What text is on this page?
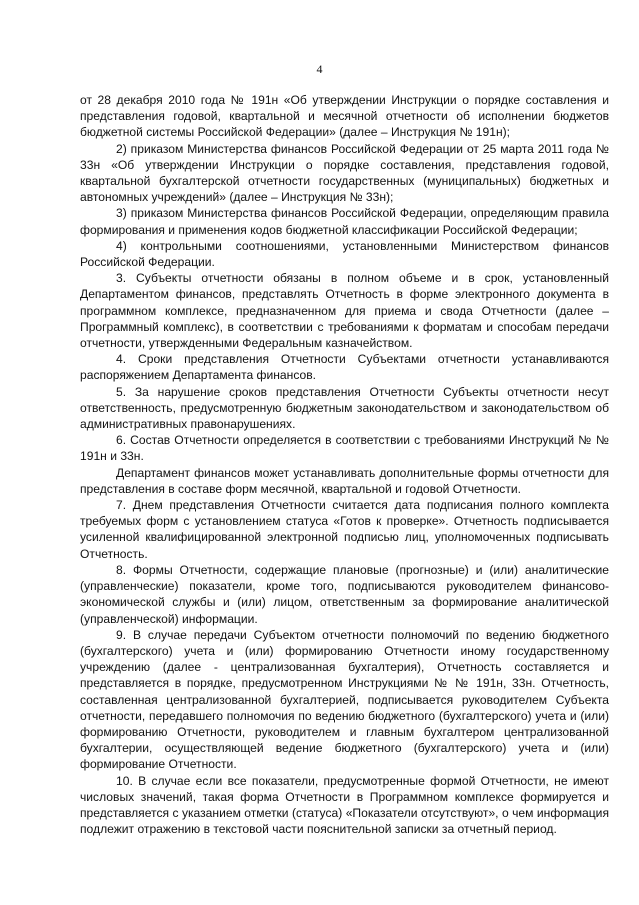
4

от 28 декабря 2010 года № 191н «Об утверждении Инструкции о порядке составления и представления годовой, квартальной и месячной отчетности об исполнении бюджетов бюджетной системы Российской Федерации» (далее – Инструкция № 191н);

2) приказом Министерства финансов Российской Федерации от 25 марта 2011 года № 33н «Об утверждении Инструкции о порядке составления, представления годовой, квартальной бухгалтерской отчетности государственных (муниципальных) бюджетных и автономных учреждений» (далее – Инструкция № 33н);

3) приказом Министерства финансов Российской Федерации, определяющим правила формирования и применения кодов бюджетной классификации Российской Федерации;

4) контрольными соотношениями, установленными Министерством финансов Российской Федерации.

3. Субъекты отчетности обязаны в полном объеме и в срок, установленный Департаментом финансов, представлять Отчетность в форме электронного документа в программном комплексе, предназначенном для приема и свода Отчетности (далее – Программный комплекс), в соответствии с требованиями к форматам и способам передачи отчетности, утвержденными Федеральным казначейством.

4. Сроки представления Отчетности Субъектами отчетности устанавливаются распоряжением Департамента финансов.

5. За нарушение сроков представления Отчетности Субъекты отчетности несут ответственность, предусмотренную бюджетным законодательством и законодательством об административных правонарушениях.

6. Состав Отчетности определяется в соответствии с требованиями Инструкций № № 191н и 33н.

Департамент финансов может устанавливать дополнительные формы отчетности для представления в составе форм месячной, квартальной и годовой Отчетности.

7. Днем представления Отчетности считается дата подписания полного комплекта требуемых форм с установлением статуса «Готов к проверке». Отчетность подписывается усиленной квалифицированной электронной подписью лиц, уполномоченных подписывать Отчетность.

8. Формы Отчетности, содержащие плановые (прогнозные) и (или) аналитические (управленческие) показатели, кроме того, подписываются руководителем финансово-экономической службы и (или) лицом, ответственным за формирование аналитической (управленческой) информации.

9. В случае передачи Субъектом отчетности полномочий по ведению бюджетного (бухгалтерского) учета и (или) формированию Отчетности иному государственному учреждению (далее - централизованная бухгалтерия), Отчетность составляется и представляется в порядке, предусмотренном Инструкциями № № 191н, 33н. Отчетность, составленная централизованной бухгалтерией, подписывается руководителем Субъекта отчетности, передавшего полномочия по ведению бюджетного (бухгалтерского) учета и (или) формированию Отчетности, руководителем и главным бухгалтером централизованной бухгалтерии, осуществляющей ведение бюджетного (бухгалтерского) учета и (или) формирование Отчетности.

10. В случае если все показатели, предусмотренные формой Отчетности, не имеют числовых значений, такая форма Отчетности в Программном комплексе формируется и представляется с указанием отметки (статуса) «Показатели отсутствуют», о чем информация подлежит отражению в текстовой части пояснительной записки за отчетный период.
